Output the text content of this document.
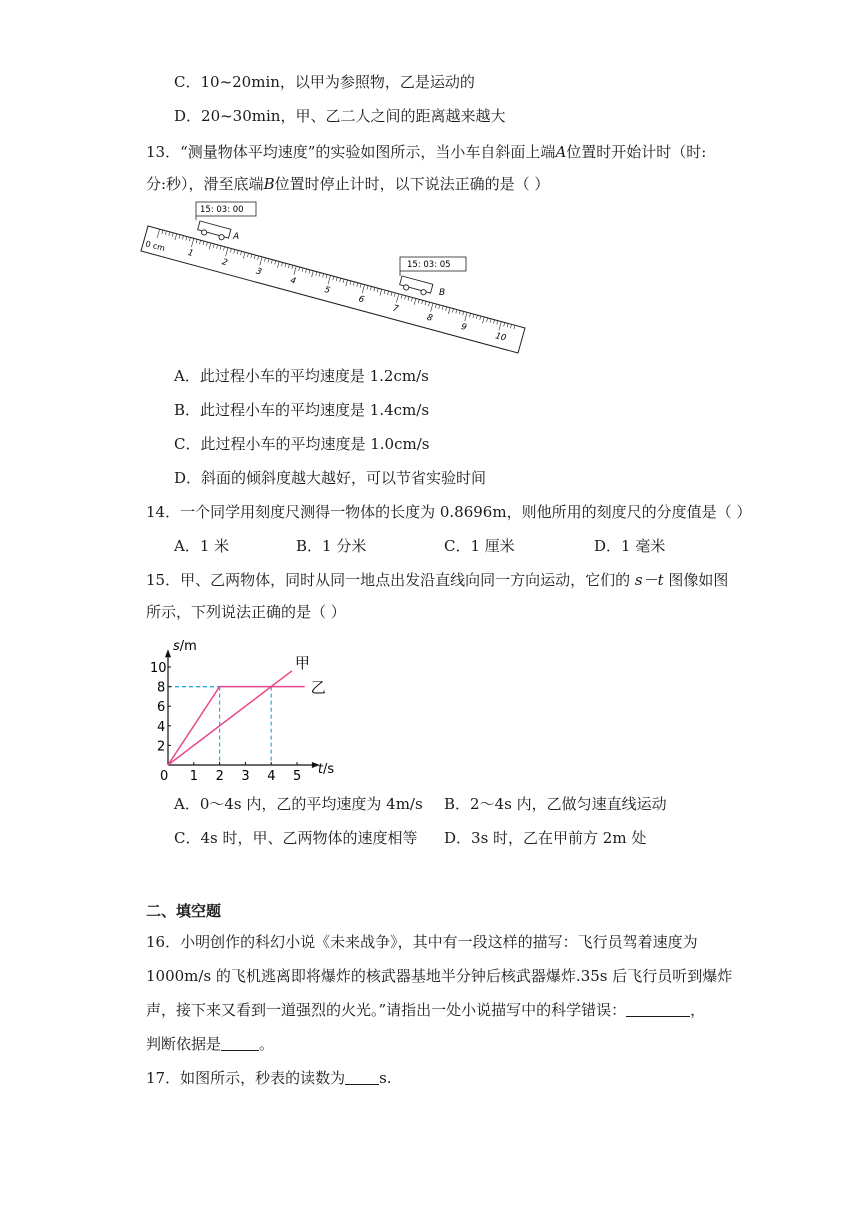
C．10~20min，以甲为参照物，乙是运动的
D．20~30min，甲、乙二人之间的距离越来越大
13．“测量物体平均速度”的实验如图所示，当小车自斜面上端A位置时开始计时（时:
分:秒），滑至底端B位置时停止计时，以下说法正确的是（ ）
1
2
3
4
5
6
7
8
9
10
0 cm
15: 03: 00
A
15: 03: 05
B
A．此过程小车的平均速度是 1.2cm/s
B．此过程小车的平均速度是 1.4cm/s
C．此过程小车的平均速度是 1.0cm/s
D．斜面的倾斜度越大越好，可以节省实验时间
14．一个同学用刻度尺测得一物体的长度为 0.8696m，则他所用的刻度尺的分度值是（ ）
A．1 米	B．1 分米	C．1 厘米	D．1 毫米
15．甲、乙两物体，同时从同一地点出发沿直线向同一方向运动，它们的 s－t 图像如图
所示，下列说法正确的是（ ）
s/m
t/s
甲
乙
0 1 2 3 4 5
2
4
6
8
10
A．0～4s 内，乙的平均速度为 4m/s B．2～4s 内，乙做匀速直线运动
C．4s 时，甲、乙两物体的速度相等 D．3s 时，乙在甲前方 2m 处
二、填空题
16．小明创作的科幻小说《未来战争》，其中有一段这样的描写：飞行员驾着速度为
1000m/s 的飞机逃离即将爆炸的核武器基地半分钟后核武器爆炸.35s 后飞行员听到爆炸
声，接下来又看到一道强烈的火光。”请指出一处小说描写中的科学错误：	，
判断依据是	。
17．如图所示，秒表的读数为 s.
